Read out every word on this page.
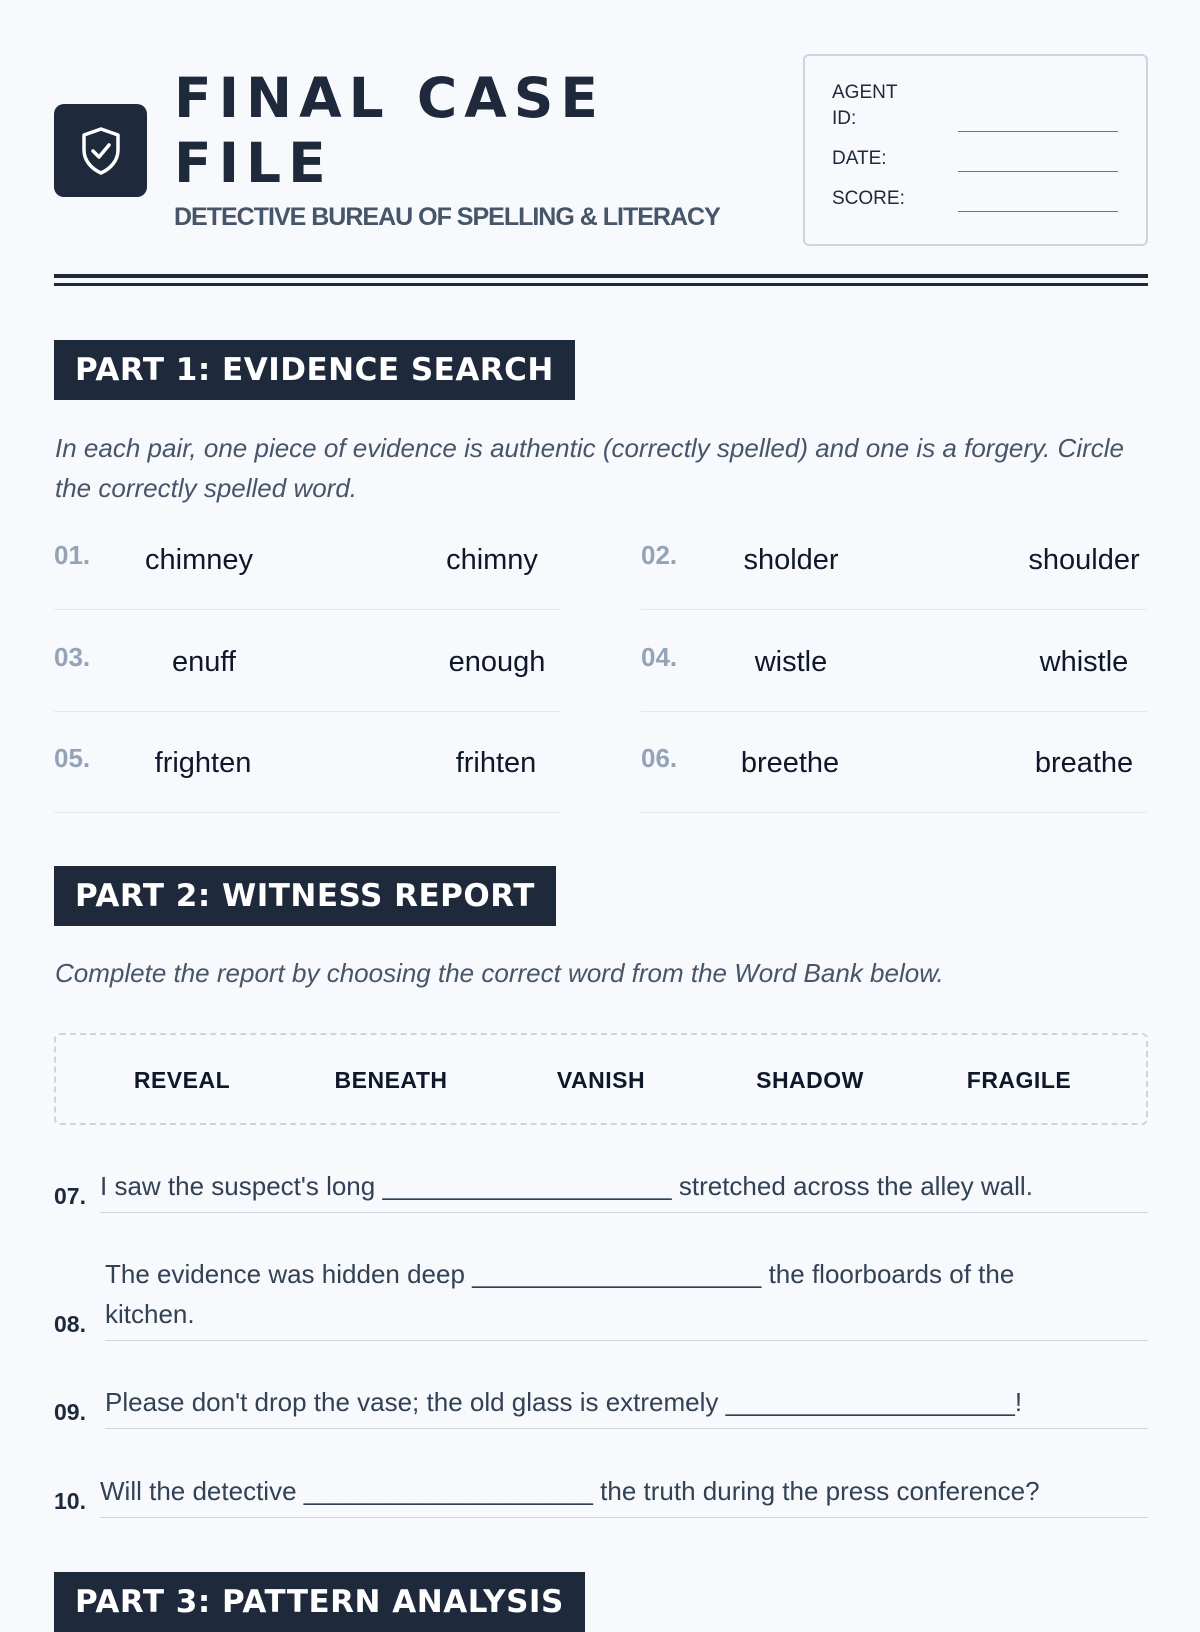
FINAL CASE FILE
DETECTIVE BUREAU OF SPELLING & LITERACY
AGENT ID:
DATE:
SCORE:
PART 1: EVIDENCE SEARCH
In each pair, one piece of evidence is authentic (correctly spelled) and one is a forgery. Circle the correctly spelled word.
01. chimney	chimny	02. sholder	shoulder
03.	enuff	enough	04.	wistle	whistle
05. frighten	frihten	06. breethe	breathe
PART 2: WITNESS REPORT
Complete the report by choosing the correct word from the Word Bank below.
REVEAL	BENEATH	VANISH	SHADOW	FRAGILE
07. I saw the suspect's long ____________________ stretched across the alley wall.
08.
The evidence was hidden deep ____________________ the floorboards of the kitchen.
09. Please don't drop the vase; the old glass is extremely ____________________!
10. Will the detective ____________________ the truth during the press conference?
PART 3: PATTERN ANALYSIS
